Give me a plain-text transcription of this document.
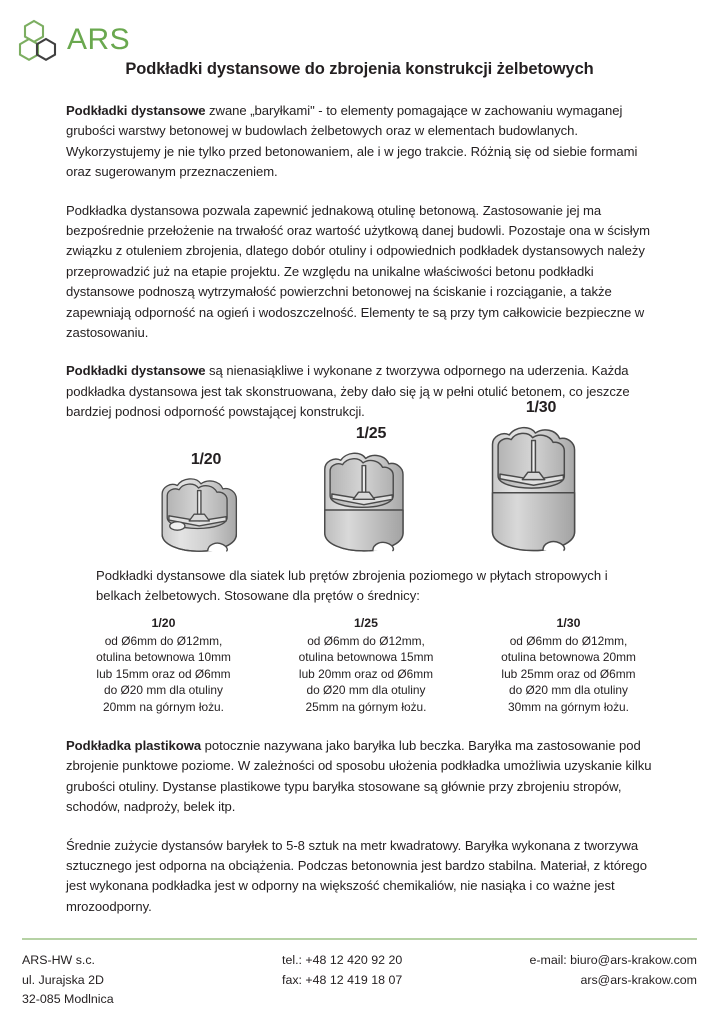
ARS
Podkładki dystansowe do zbrojenia konstrukcji żelbetowych

Podkładki dystansowe zwane „baryłkami" - to elementy pomagające w zachowaniu wymaganej grubości warstwy betonowej w budowlach żelbetowych oraz w elementach budowlanych. Wykorzystujemy je nie tylko przed betonowaniem, ale i w jego trakcie. Różnią się od siebie formami oraz sugerowanym przeznaczeniem.

Podkładka dystansowa pozwala zapewnić jednakową otulinę betonową. Zastosowanie jej ma bezpośrednie przełożenie na trwałość oraz wartość użytkową danej budowli. Pozostaje ona w ścisłym związku z otuleniem zbrojenia, dlatego dobór otuliny i odpowiednich podkładek dystansowych należy przeprowadzić już na etapie projektu. Ze względu na unikalne właściwości betonu podkładki dystansowe podnoszą wytrzymałość powierzchni betonowej na ściskanie i rozciąganie, a także zapewniają odporność na ogień i wodoszczelność. Elementy te są przy tym całkowicie bezpieczne w zastosowaniu.

Podkładki dystansowe są nienasiąkliwe i wykonane z tworzywa odpornego na uderzenia. Każda podkładka dystansowa jest tak skonstruowana, żeby dało się ją w pełni otulić betonem, co jeszcze bardziej podnosi odporność powstającej konstrukcji.

1/20
1/25
1/30
Podkładki dystansowe dla siatek lub prętów zbrojenia poziomego w płytach stropowych i belkach żelbetowych. Stosowane dla prętów o średnicy:
1/20
od Ø6mm do Ø12mm,
otulina betownowa 10mm
lub 15mm oraz od Ø6mm
do Ø20 mm dla otuliny
20mm na górnym łożu.
1/25
od Ø6mm do Ø12mm,
otulina betownowa 15mm
lub 20mm oraz od Ø6mm
do Ø20 mm dla otuliny
25mm na górnym łożu.
1/30
od Ø6mm do Ø12mm,
otulina betownowa 20mm
lub 25mm oraz od Ø6mm
do Ø20 mm dla otuliny
30mm na górnym łożu.

Podkładka plastikowa potocznie nazywana jako baryłka lub beczka. Baryłka ma zastosowanie pod zbrojenie punktowe poziome. W zależności od sposobu ułożenia podkładka umożliwia uzyskanie kilku grubości otuliny. Dystanse plastikowe typu baryłka stosowane są głównie przy zbrojeniu stropów, schodów, nadproży, belek itp.

Średnie zużycie dystansów baryłek to 5-8 sztuk na metr kwadratowy. Baryłka wykonana z tworzywa sztucznego jest odporna na obciążenia. Podczas betonownia jest bardzo stabilna. Materiał, z którego jest wykonana podkładka jest w odporny na większość chemikaliów, nie nasiąka i co ważne jest mrozoodporny.

ARS-HW s.c.
ul. Jurajska 2D
32-085 Modlnica
tel.: +48 12 420 92 20
fax: +48 12 419 18 07
e-mail: biuro@ars-krakow.com
ars@ars-krakow.com
